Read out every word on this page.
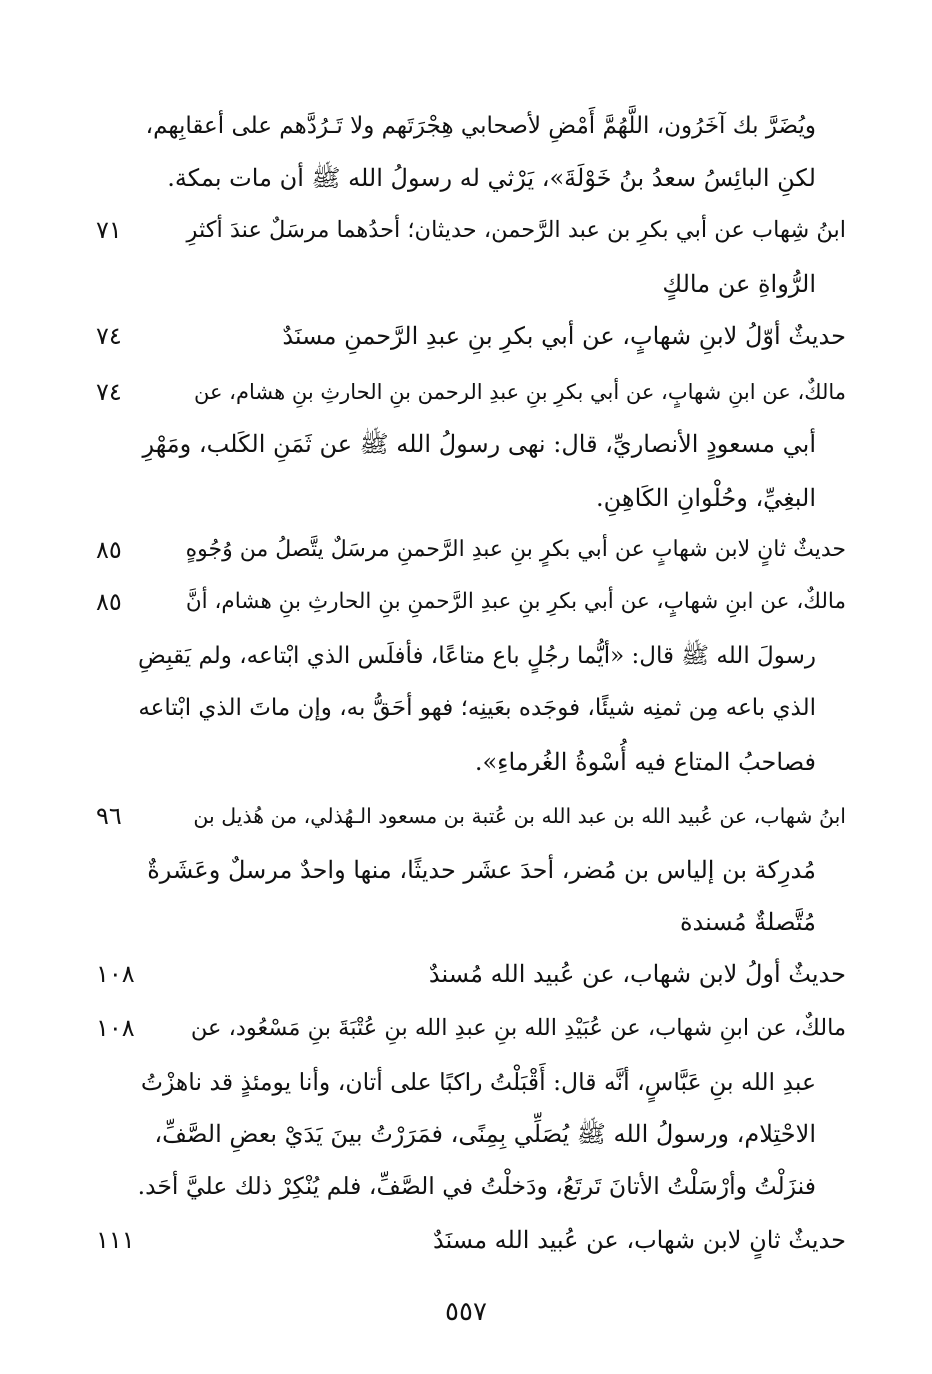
ويُضَرَّ بك آخَرُون، اللَّهُمَّ أَمْضِ لأصحابي هِجْرَتَهم ولا تَـرُدَّهم على أعقابِهم،
لكنِ البائِسُ سعدُ بنُ خَوْلَةَ»، يَرْثي له رسولُ الله ﷺ أن مات بمكة.
ابنُ شِهاب عن أبي بكرِ بن عبد الرَّحمن، حديثان؛ أحدُهما مرسَلٌ عندَ أكثرِ
٧١
الرُّواةِ عن مالكٍ
حديثٌ أوّلُ لابنِ شهابٍ، عن أبي بكرِ بنِ عبدِ الرَّحمنِ مسنَدٌ
٧٤
مالكٌ، عن ابنِ شهابٍ، عن أبي بكرِ بنِ عبدِ الرحمن بنِ الحارثِ بنِ هشام، عن
٧٤
أبي مسعودٍ الأنصاريِّ، قال: نهى رسولُ الله ﷺ عن ثَمَنِ الكَلب، ومَهْرِ
البغِيِّ، وحُلْوانِ الكَاهِنِ.
حديثٌ ثانٍ لابن شهابٍ عن أبي بكرٍ بنِ عبدِ الرَّحمنِ مرسَلٌ يتَّصلُ من وُجُوهٍ
٨٥
مالكٌ، عن ابنِ شهابٍ، عن أبي بكرِ بنِ عبدِ الرَّحمنِ بنِ الحارثِ بنِ هشام، أنَّ
٨٥
رسولَ الله ﷺ قال: «أيُّما رجُلٍ باع متاعًا، فأفلَس الذي ابْتاعه، ولم يَقبِضِ
الذي باعه مِن ثمنِه شيئًا، فوجَده بعَينِه؛ فهو أحَقُّ به، وإن ماتَ الذي ابْتاعه
فصاحبُ المتاع فيه أُسْوةُ الغُرماءِ».
ابنُ شهاب، عن عُبيد الله بن عبد الله بن عُتبة بن مسعود الـهُذلي، من هُذيل بن
٩٦
مُدرِكة بن إلياس بن مُضر، أحدَ عشَر حديثًا، منها واحدٌ مرسلٌ وعَشَرةٌ
مُتَّصلةٌ مُسندة
حديثٌ أولُ لابن شهاب، عن عُبيد الله مُسندٌ
١٠٨
مالكٌ، عن ابنِ شهاب، عن عُبَيْدِ الله بنِ عبدِ الله بنِ عُتْبَةَ بنِ مَسْعُود، عن
١٠٨
عبدِ الله بنِ عَبَّاسٍ، أنَّه قال: أَقْبَلْتُ راكبًا على أتان، وأنا يومئذٍ قد ناهزْتُ
الاحْتِلام، ورسولُ الله ﷺ يُصَلِّي بِمِنًى، فمَرَرْتُ بينَ يَدَيْ بعضِ الصَّفِّ،
فنزَلْتُ وأرْسَلْتُ الأتانَ تَرتَعُ، ودَخلْتُ في الصَّفِّ، فلم يُنْكِرْ ذلك عليَّ أحَد.
حديثٌ ثانٍ لابن شهاب، عن عُبيد الله مسنَدٌ
١١١
٥٥٧
